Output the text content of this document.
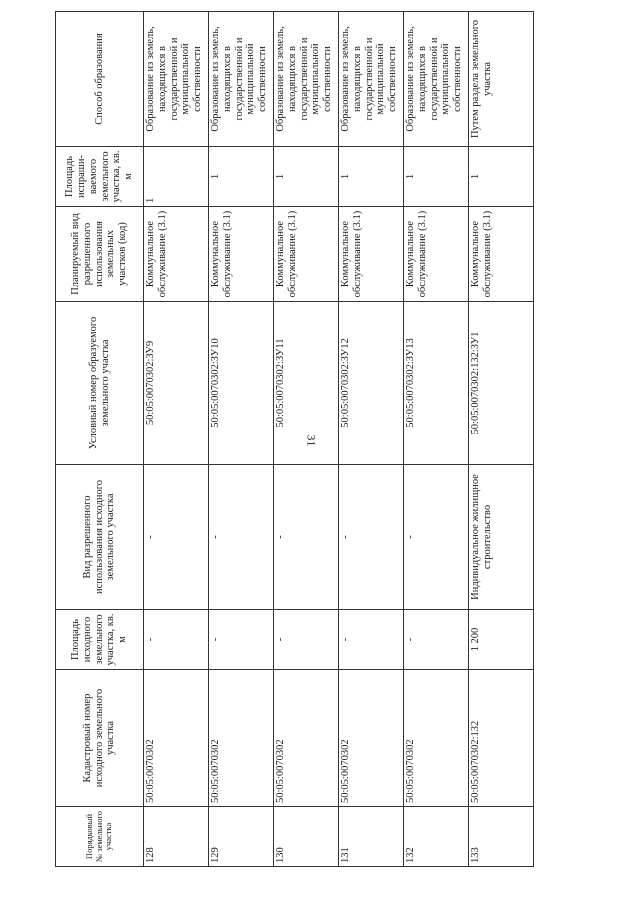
31
Порядковый № земельного участка	Кадастровый номер исходного земельного участка	Площадь исходного земельного участка, кв. м	Вид разрешенного использования исходного земельного участка	Условный номер образуемого земельного участка	Планируемый вид разрешенного использования земельных участков (код)	Площадь испраши-ваемого земельного участка, кв. м	Способ образования
128	50:05:0070302	-	-	50:05:0070302:ЗУ9	Коммунальное обслуживание (3.1)	1	Образование из земель, находящихся в государственной и муниципальной собственности
129	50:05:0070302	-	-	50:05:0070302:ЗУ10	Коммунальное обслуживание (3.1)	1	Образование из земель, находящихся в государственной и муниципальной собственности
130	50:05:0070302	-	-	50:05:0070302:ЗУ11	Коммунальное обслуживание (3.1)	1	Образование из земель, находящихся в государственной и муниципальной собственности
131	50:05:0070302	-	-	50:05:0070302:ЗУ12	Коммунальное обслуживание (3.1)	1	Образование из земель, находящихся в государственной и муниципальной собственности
132	50:05:0070302	-	-	50:05:0070302:ЗУ13	Коммунальное обслуживание (3.1)	1	Образование из земель, находящихся в государственной и муниципальной собственности
133	50:05:0070302:132	1 200	Индивидуальное жилищное строительство	50:05:0070302:132:ЗУ1	Коммунальное обслуживание (3.1)	1	Путем раздела земельного участка
